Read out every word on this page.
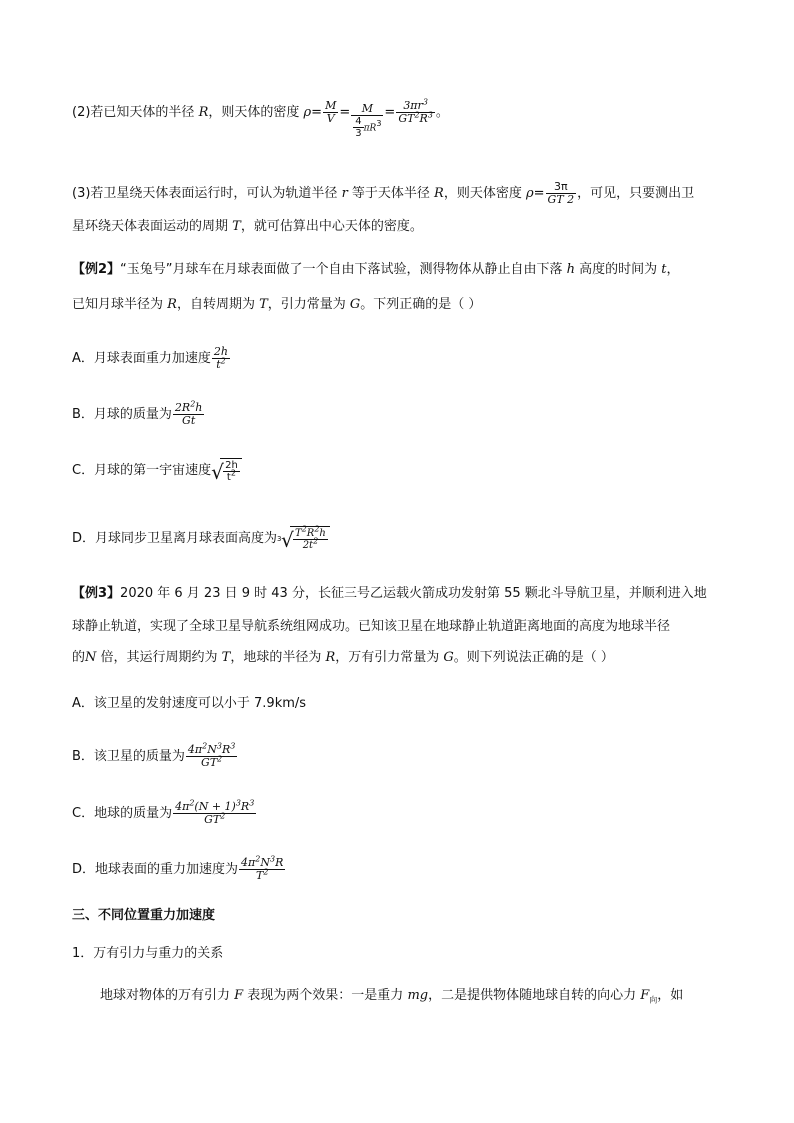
(2)若已知天体的半径 R，则天体的密度 $\rho= \frac{M}{V} = \frac{M}{\frac{4}{3} \pi R^3} = \frac{3\pi r^3}{GT^2R^3}$ 。
(3)若卫星绕天体表面运行时，可认为轨道半径 r 等于天体半径 R，则天体密度 $\rho= \frac{3\pi}{GT 2}$ ，可见，只要测出卫
星环绕天体表面运动的周期 T，就可估算出中心天体的密度。
【例2】“玉兔号”月球车在月球表面做了一个自由下落试验，测得物体从静止自由下落 h 高度的时间为 t，
已知月球半径为 R，自转周期为 T，引力常量为 G。下列正确的是（ ）
A．月球表面重力加速度 $\frac{2h}{t^2}$
B．月球的质量为 $\frac{2R^2h}{Gt}$
C．月球的第一宇宙速度 √ $\frac{2h}{t^2}$
D．月球同步卫星离月球表面高度为 3 √ $\frac{T^2R^2h}{2t^2}$
【例3】2020 年 6 月 23 日 9 时 43 分，长征三号乙运载火箭成功发射第 55 颗北斗导航卫星，并顺利进入地
球静止轨道，实现了全球卫星导航系统组网成功。已知该卫星在地球静止轨道距离地面的高度为地球半径
的N 倍，其运行周期约为 T，地球的半径为 R，万有引力常量为 G。则下列说法正确的是（ ）
A．该卫星的发射速度可以小于 7.9km/s
B．该卫星的质量为 $\frac{4\pi^2N^3R^3}{GT^2}$
C．地球的质量为 $\frac{4\pi^2(N + 1)^3R^3}{GT^2}$
D．地球表面的重力加速度为 $\frac{4\pi^2N^3R}{T^2}$
三、不同位置重力加速度
1．万有引力与重力的关系
地球对物体的万有引力 F 表现为两个效果：一是重力 mg，二是提供物体随地球自转的向心力 $F_向$，如
